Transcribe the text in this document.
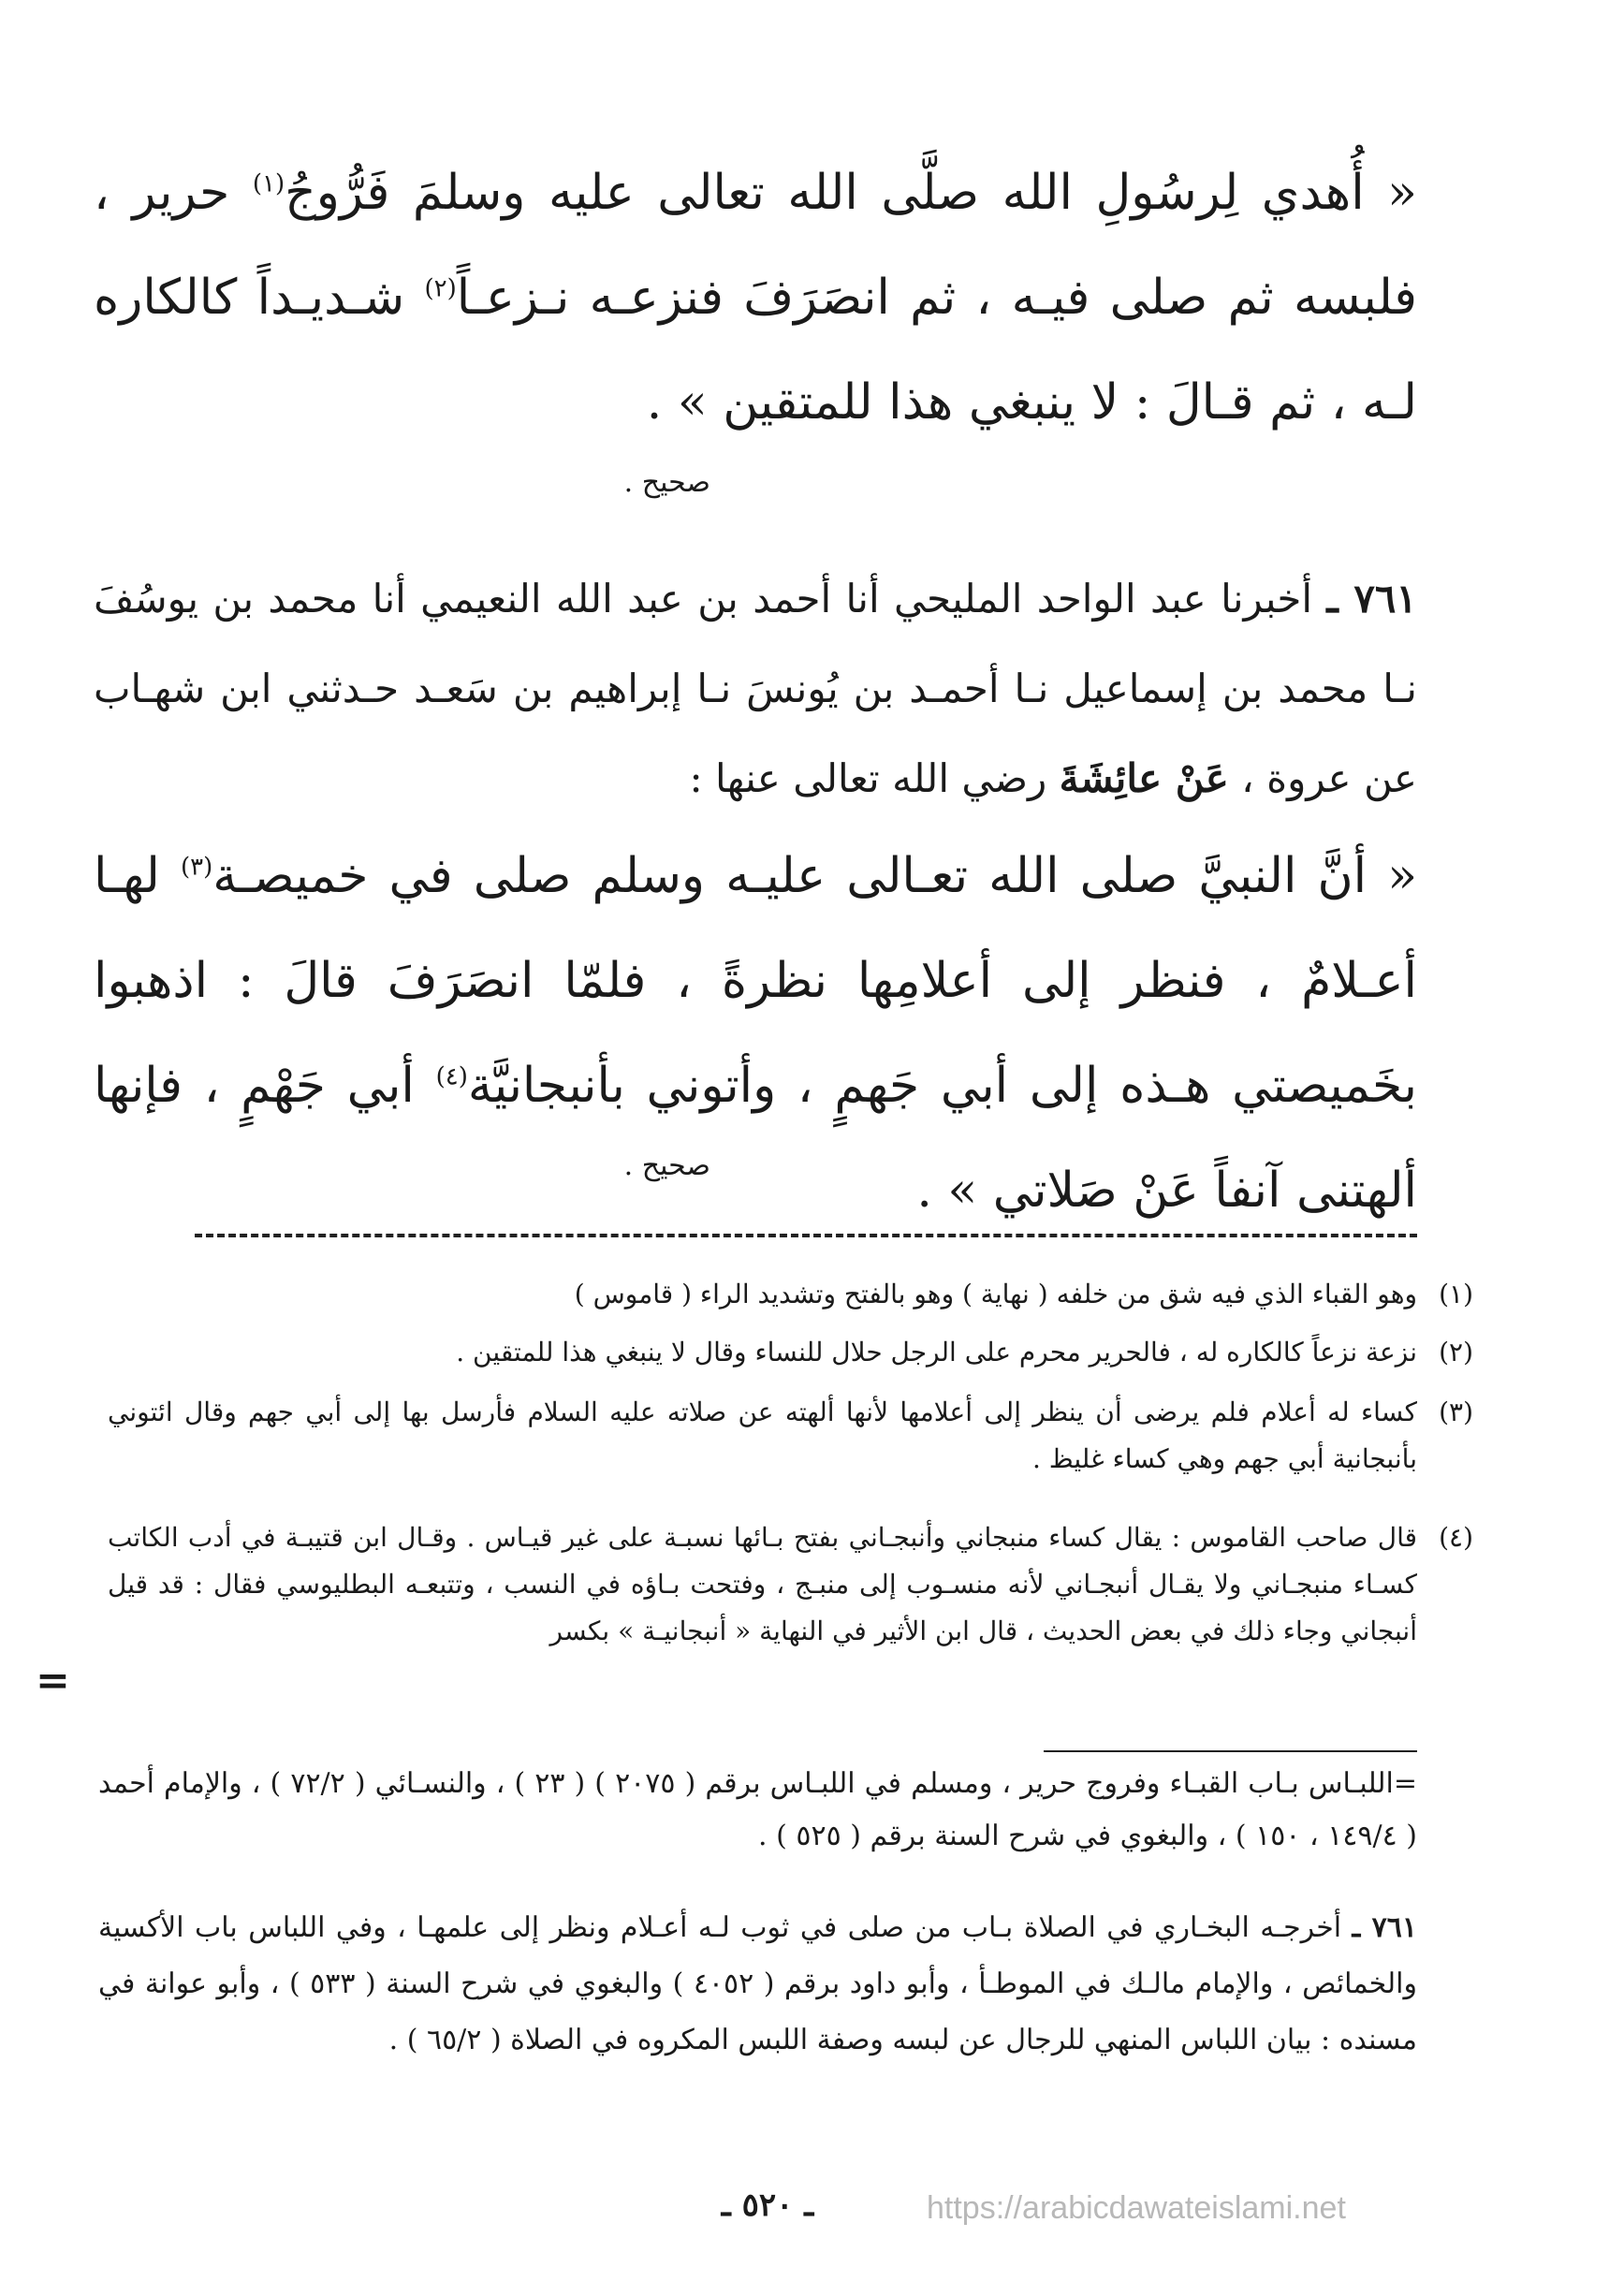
« أُهدي لِرسُولِ الله صلَّى الله تعالى عليه وسلمَ فَرُّوجُ$^{(١)}$ حرير ، فلبسه ثم صلى فيـه ، ثم انصَرَفَ فنزعـه نـزعـاً$^{(٢)}$ شـديـداً كالكاره لـه ، ثم قـالَ : لا ينبغي هذا للمتقين » .
صحيح .
٧٦١ ـ أخبرنا عبد الواحد المليحي أنا أحمد بن عبد الله النعيمي أنا محمد بن يوسُفَ نـا محمد بن إسماعيل نـا أحمـد بن يُونسَ نـا إبراهيم بن سَعـد حـدثني ابن شهـاب عن عروة ، عَنْ عائِشَةَ رضي الله تعالى عنها :
« أنَّ النبيَّ صلى الله تعـالى عليـه وسلم صلى في خميصـة$^{(٣)}$ لهـا أعـلامٌ ، فنظر إلى أعلامِها نظرةً ، فلمّا انصَرَفَ قالَ : اذهبوا بخَميصتي هـذه إلى أبي جَهمٍ ، وأتوني بأنبجانيَّة$^{(٤)}$ أبي جَهْمٍ ، فإنها ألهتنى آنفاً عَنْ صَلاتي » .
صحيح .
(١)
وهو القباء الذي فيه شق من خلفه ( نهاية ) وهو بالفتح وتشديد الراء ( قاموس )
(٢)
نزعة نزعاً كالكاره له ، فالحرير محرم على الرجل حلال للنساء وقال لا ينبغي هذا للمتقين .
(٣)
كساء له أعلام فلم يرضى أن ينظر إلى أعلامها لأنها ألهته عن صلاته عليه السلام فأرسل بها إلى أبي جهم وقال ائتوني بأنبجانية أبي جهم وهي كساء غليظ .
(٤)
قال صاحب القاموس : يقال كساء منبجاني وأنبجـاني بفتح بـائها نسبـة على غير قيـاس . وقـال ابن قتيبـة في أدب الكاتب كسـاء منبجـاني ولا يقـال أنبجـاني لأنه منسـوب إلى منبـج ، وفتحت بـاؤه في النسب ، وتتبعـه البطليوسي فقال : قد قيل أنبجاني وجاء ذلك في بعض الحديث ، قال ابن الأثير في النهاية « أنبجانيـة » بكسر
=
=اللبـاس بـاب القبـاء وفروج حرير ، ومسلم في اللبـاس برقم ( ٢٠٧٥ ) ( ٢٣ ) ، والنسـائي ( ٧٢/٢ ) ، والإمام أحمد ( ١٤٩/٤ ، ١٥٠ ) ، والبغوي في شرح السنة برقم ( ٥٢٥ ) .
٧٦١ ـ أخرجـه البخـاري في الصلاة بـاب من صلى في ثوب لـه أعـلام ونظر إلى علمهـا ، وفي اللباس باب الأكسية والخمائص ، والإمام مالـك في الموطـأ ، وأبو داود برقم ( ٤٠٥٢ ) والبغوي في شرح السنة ( ٥٣٣ ) ، وأبو عوانة في مسنده : بيان اللباس المنهي للرجال عن لبسه وصفة اللبس المكروه في الصلاة ( ٦٥/٢ ) .
ـ ٥٢٠ ـ	https://arabicdawateislami.net
